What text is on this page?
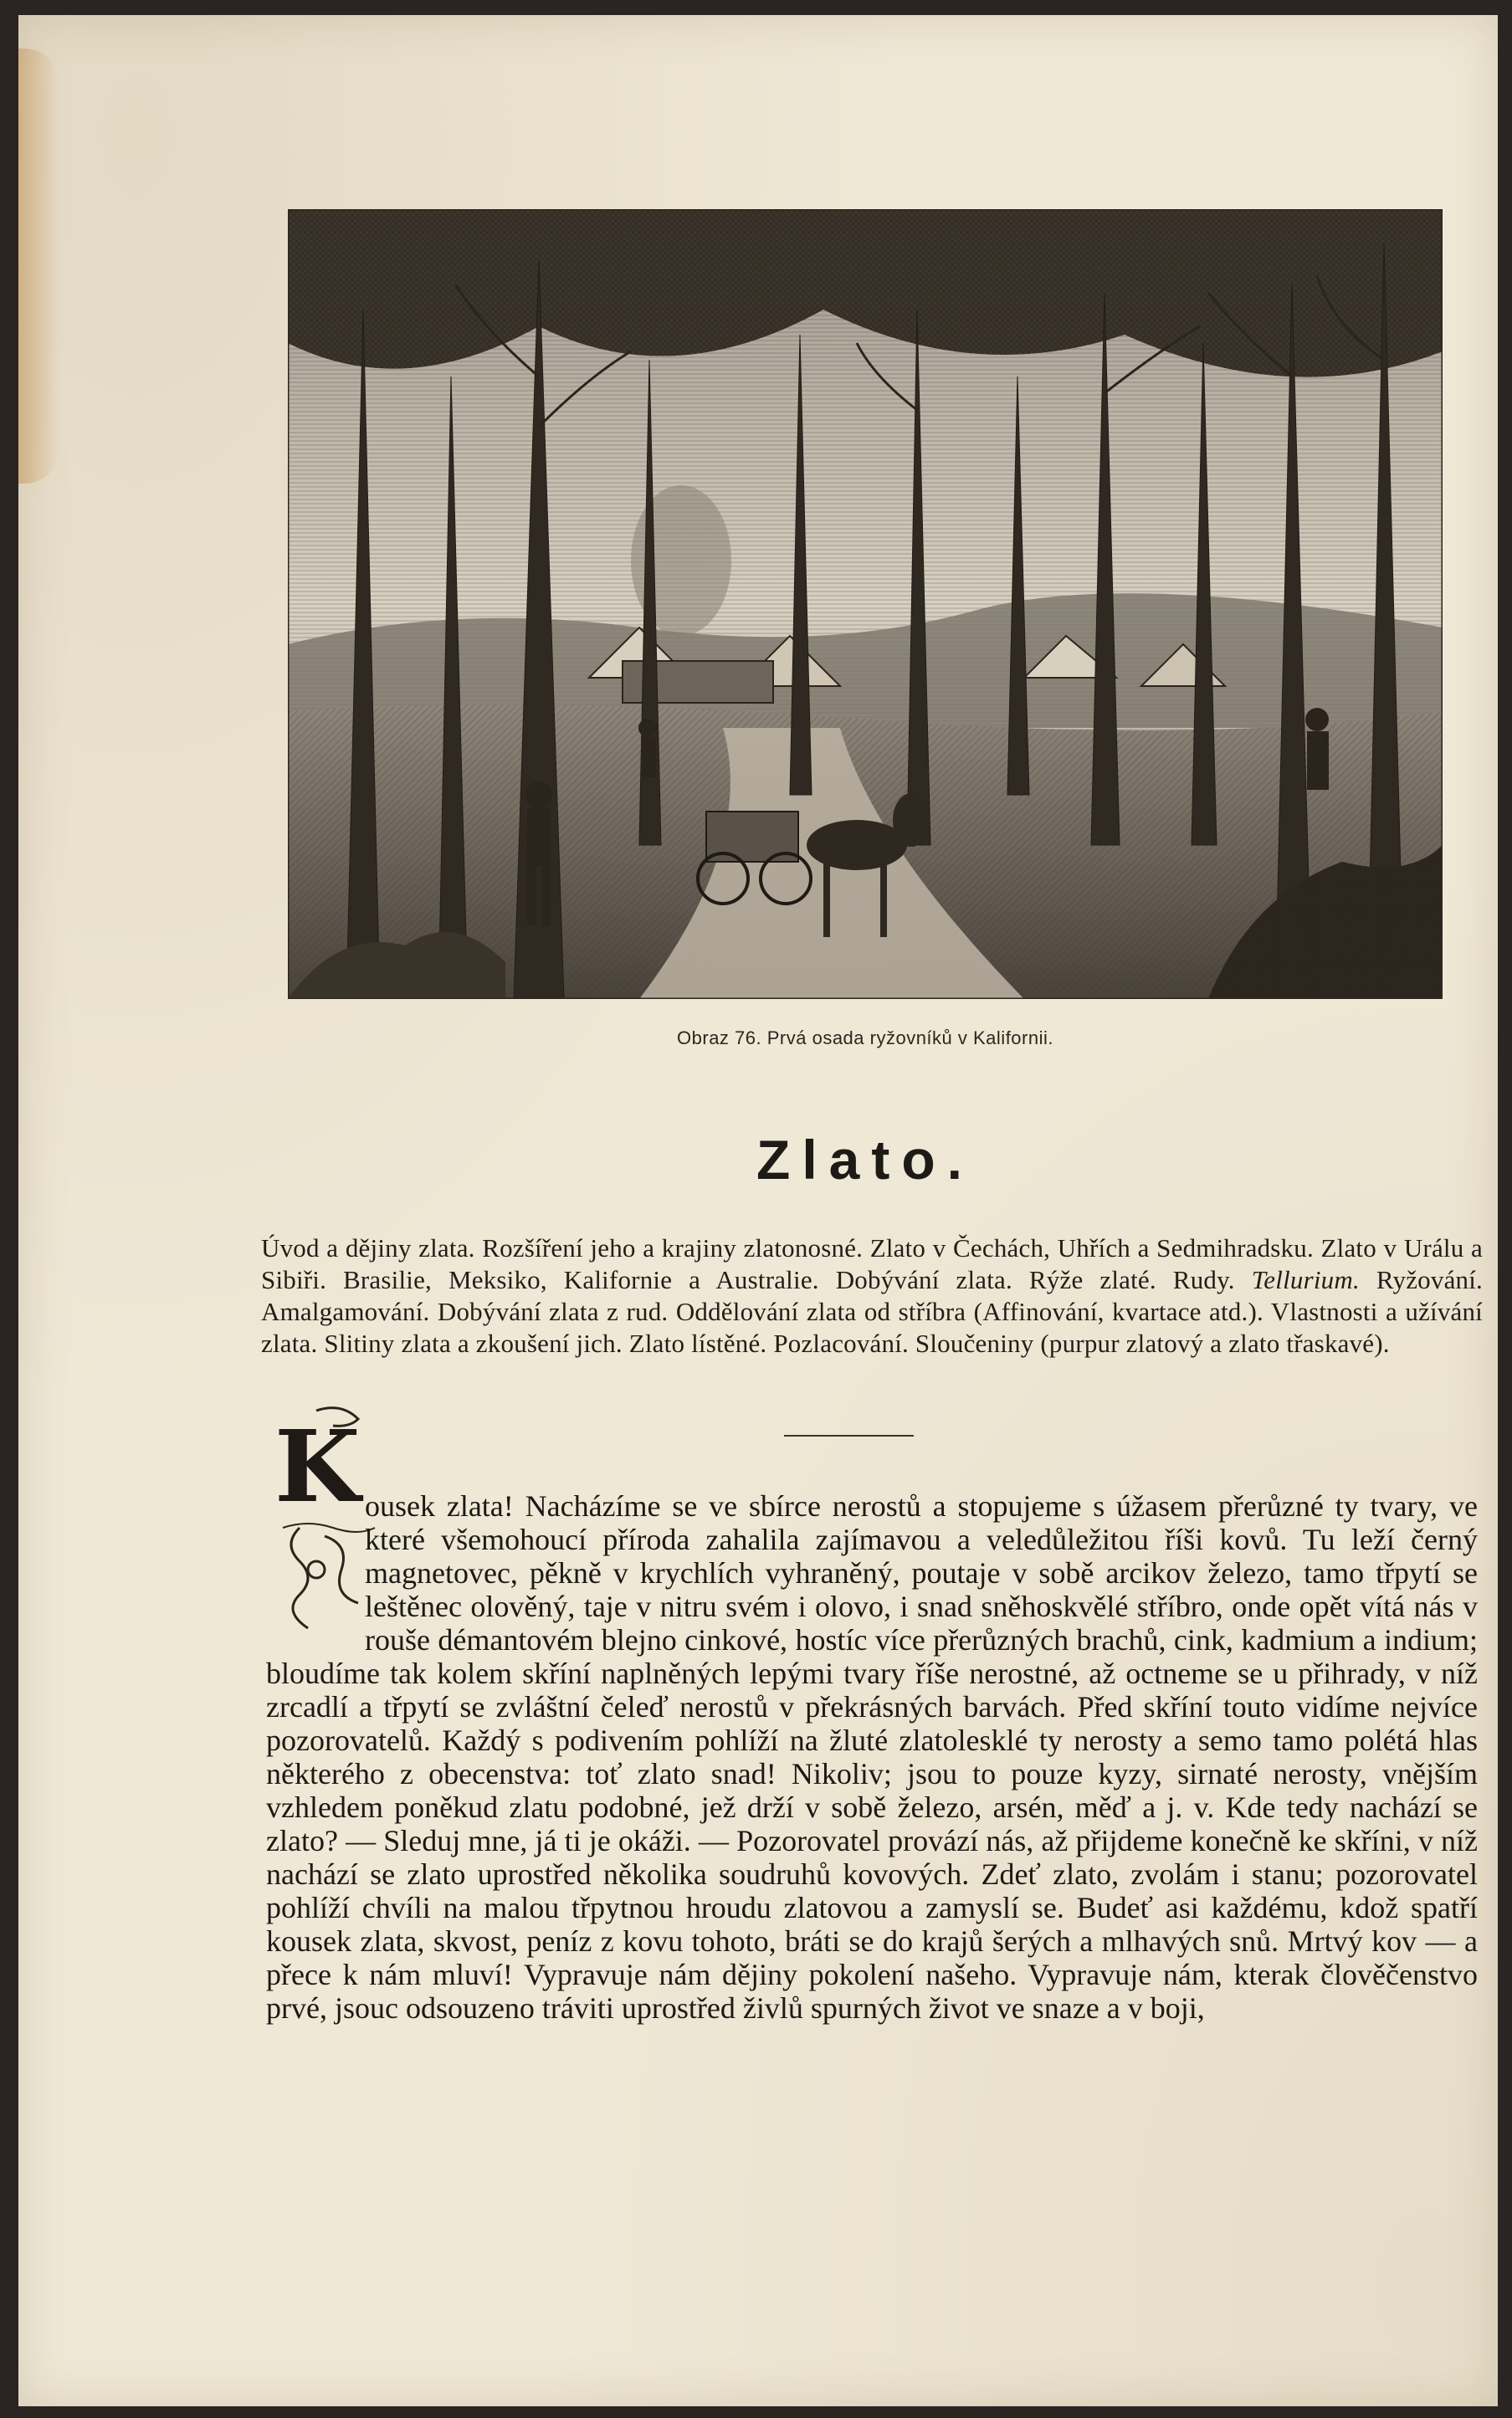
Obraz 76. Prvá osada ryžovníků v Kalifornii.
Zlato.
Úvod a dějiny zlata. Rozšíření jeho a krajiny zlatonosné. Zlato v Čechách, Uhřích a Sedmihradsku. Zlato v Urálu a Sibiři. Brasilie, Meksiko, Kalifornie a Australie. Dobývání zlata. Rýže zlaté. Rudy. Tellurium. Ryžování. Amalgamování. Dobývání zlata z rud. Oddělování zlata od stříbra (Affinování, kvartace atd.). Vlastnosti a užívání zlata. Slitiny zlata a zkoušení jich. Zlato lístěné. Pozlacování. Sloučeniny (purpur zlatový a zlato třaskavé).
K ousek zlata! Nacházíme se ve sbírce nerostů a stopujeme s úžasem přerůzné ty tvary, ve které všemohoucí příroda zahalila zajímavou a veledůležitou říši kovů. Tu leží černý magnetovec, pěkně v krychlích vyhraněný, poutaje v sobě arcikov železo, tamo třpytí se leštěnec olověný, taje v nitru svém i olovo, i snad sněhoskvělé stříbro, onde opět vítá nás v rouše démantovém blejno cinkové, hostíc více přerůzných brachů, cink, kadmium a indium; bloudíme tak kolem skříní naplněných lepými tvary říše nerostné, až octneme se u přihrady, v níž zrcadlí a třpytí se zvláštní čeleď nerostů v překrásných barvách. Před skříní touto vidíme nejvíce pozorovatelů. Každý s podivením pohlíží na žluté zlatolesklé ty nerosty a semo tamo polétá hlas některého z obecenstva: toť zlato snad! Nikoliv; jsou to pouze kyzy, sirnaté nerosty, vnějším vzhledem poněkud zlatu podobné, jež drží v sobě železo, arsén, měď a j. v. Kde tedy nachází se zlato? — Sleduj mne, já ti je okáži. — Pozorovatel provází nás, až přijdeme konečně ke skříni, v níž nachází se zlato uprostřed několika soudruhů kovových. Zdeť zlato, zvolám i stanu; pozorovatel pohlíží chvíli na malou třpytnou hroudu zlatovou a zamyslí se. Budeť asi každému, kdož spatří kousek zlata, skvost, peníz z kovu tohoto, bráti se do krajů šerých a mlhavých snů. Mrtvý kov — a přece k nám mluví! Vypravuje nám dějiny pokolení našeho. Vypravuje nám, kterak člověčenstvo prvé, jsouc odsouzeno tráviti uprostřed živlů spurných život ve snaze a v boji,
